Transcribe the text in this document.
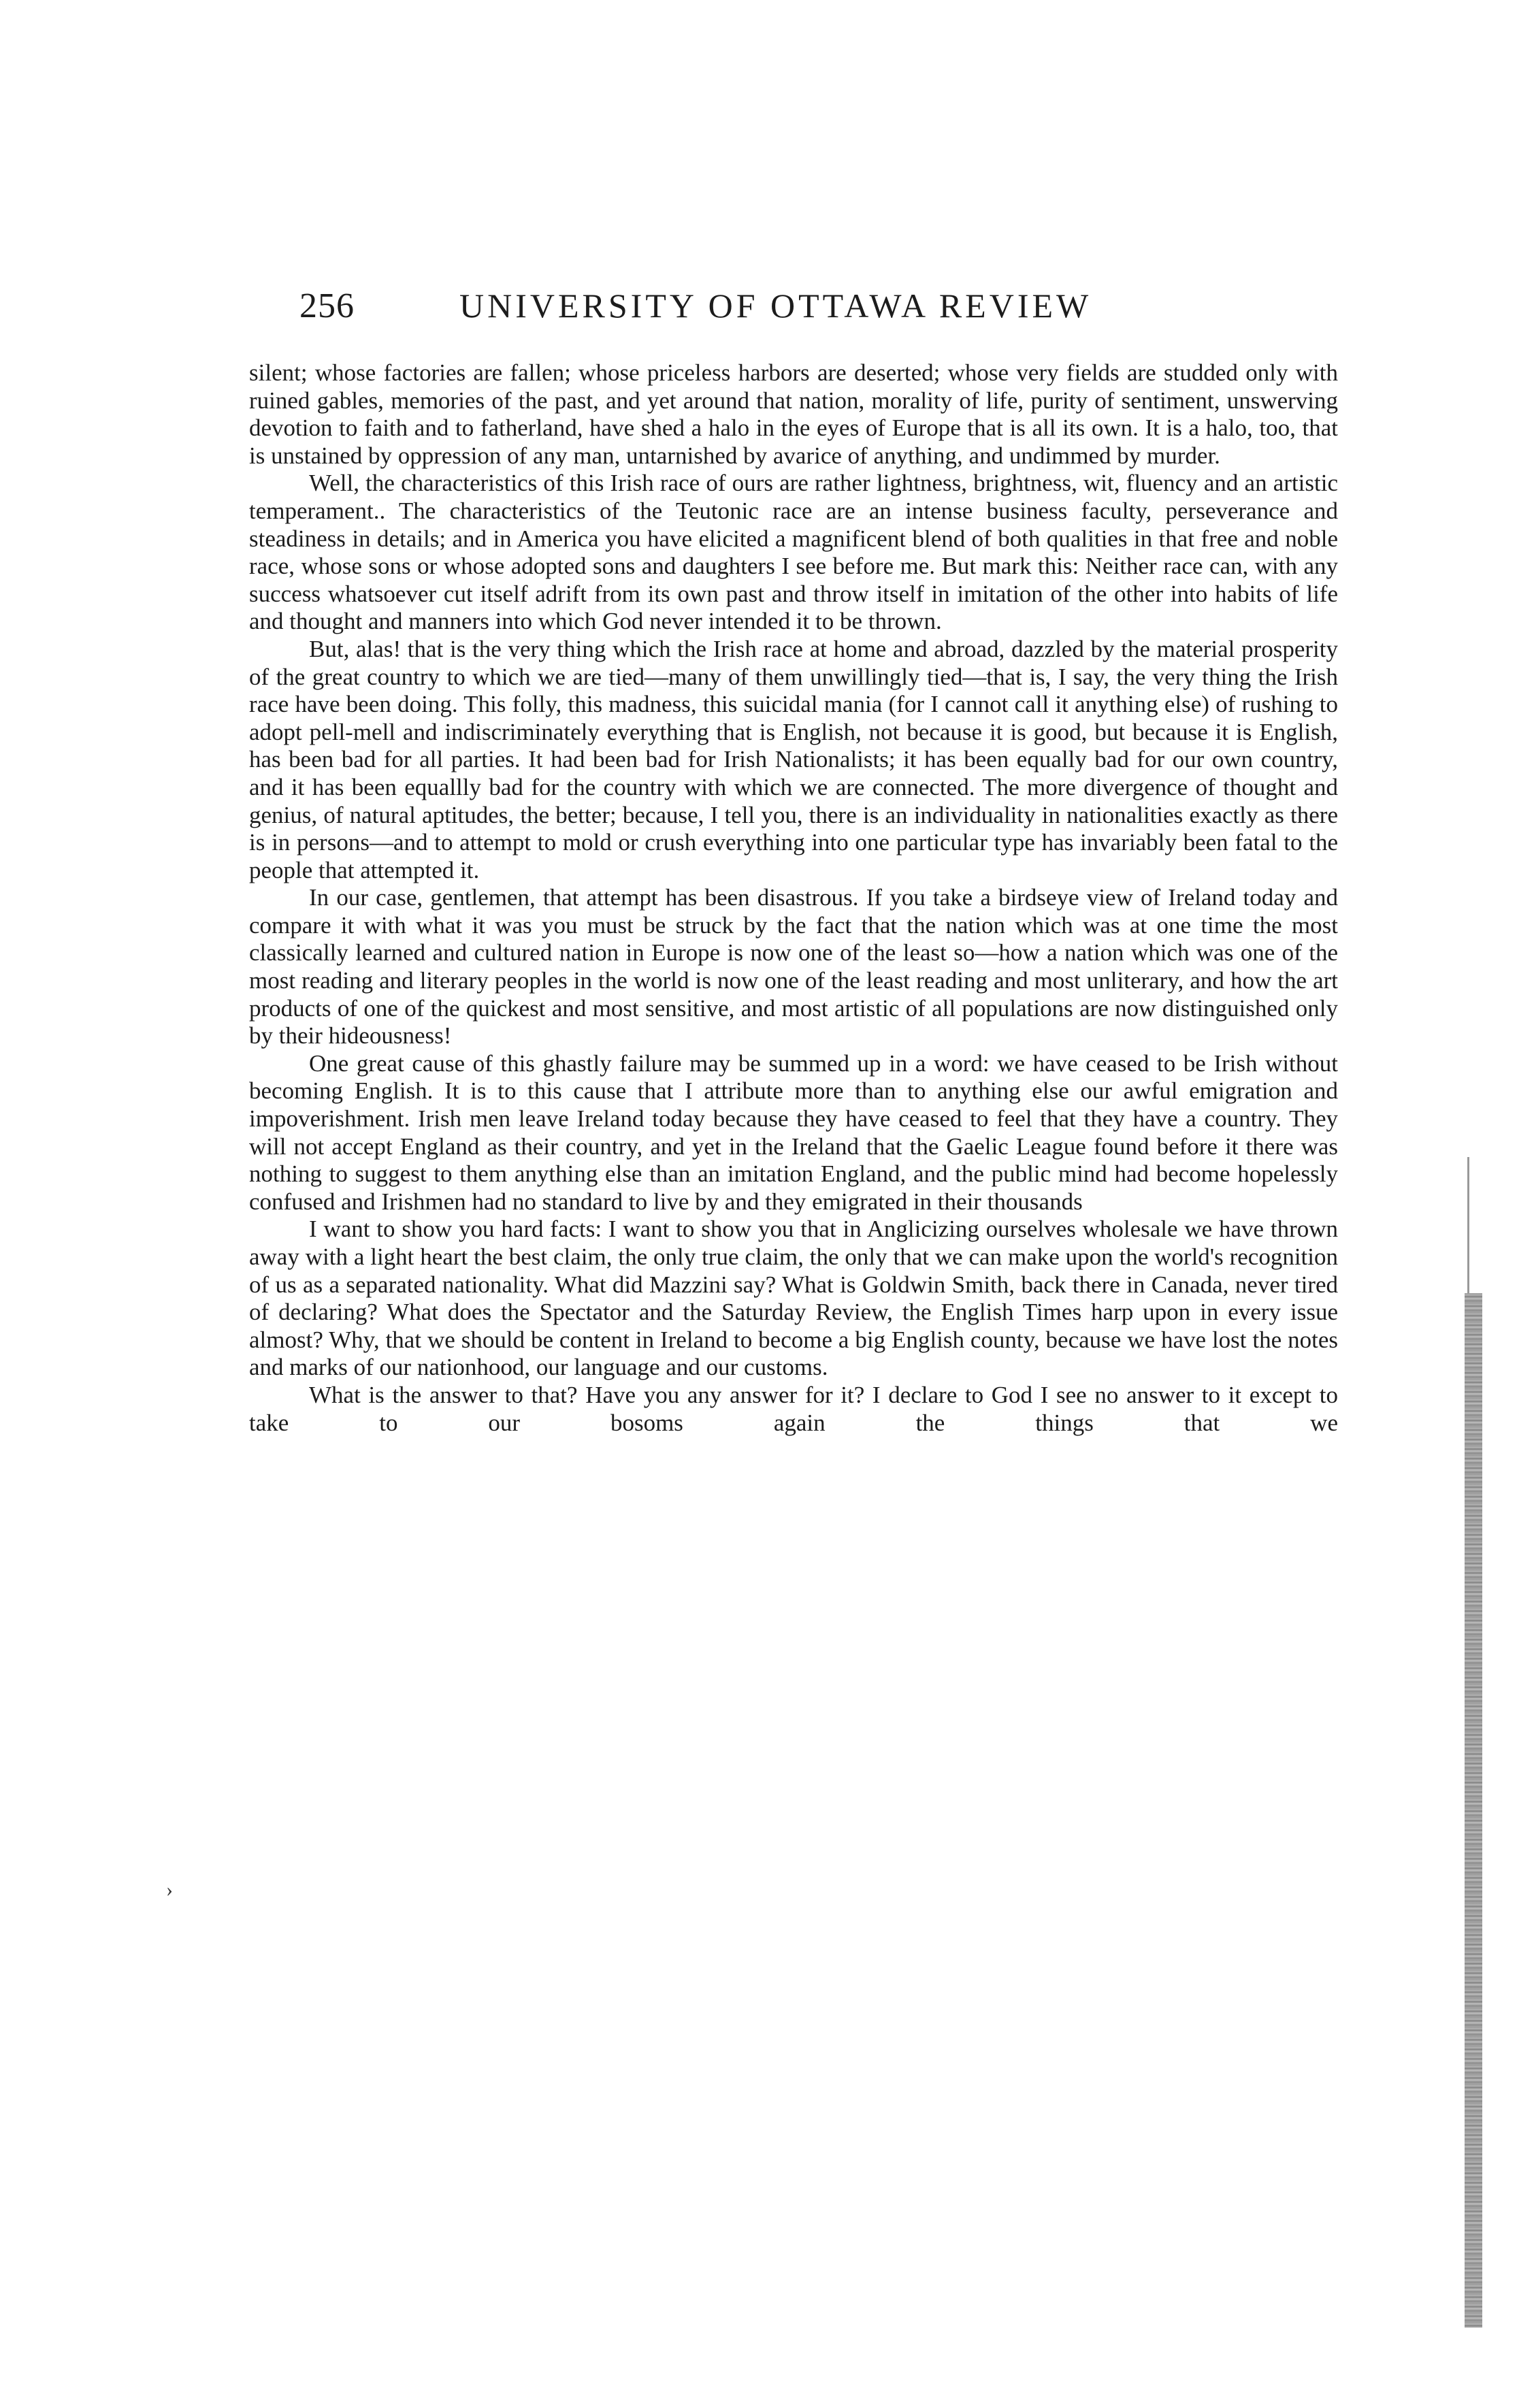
256	UNIVERSITY OF OTTAWA REVIEW

silent; whose factories are fallen; whose priceless harbors are deserted; whose very fields are studded only with ruined gables, memories of the past, and yet around that nation, morality of life, purity of sentiment, unswerving devotion to faith and to fatherland, have shed a halo in the eyes of Europe that is all its own. It is a halo, too, that is unstained by oppression of any man, untarnished by avarice of anything, and undimmed by murder.

Well, the characteristics of this Irish race of ours are rather lightness, brightness, wit, fluency and an artistic temperament.. The characteristics of the Teutonic race are an intense business faculty, perseverance and steadiness in details; and in America you have elicited a magnificent blend of both qualities in that free and noble race, whose sons or whose adopted sons and daughters I see before me. But mark this: Neither race can, with any success whatsoever cut itself adrift from its own past and throw itself in imitation of the other into habits of life and thought and manners into which God never intended it to be thrown.

But, alas! that is the very thing which the Irish race at home and abroad, dazzled by the material prosperity of the great country to which we are tied—many of them unwillingly tied—that is, I say, the very thing the Irish race have been doing. This folly, this madness, this suicidal mania (for I cannot call it anything else) of rushing to adopt pell-mell and indiscriminately everything that is English, not because it is good, but because it is English, has been bad for all parties. It had been bad for Irish Nationalists; it has been equally bad for our own country, and it has been equallly bad for the country with which we are connected. The more divergence of thought and genius, of natural aptitudes, the better; because, I tell you, there is an individuality in nationalities exactly as there is in persons—and to attempt to mold or crush everything into one particular type has invariably been fatal to the people that attempted it.

In our case, gentlemen, that attempt has been disastrous. If you take a birdseye view of Ireland today and compare it with what it was you must be struck by the fact that the nation which was at one time the most classically learned and cultured nation in Europe is now one of the least so—how a nation which was one of the most reading and literary peoples in the world is now one of the least reading and most unliterary, and how the art products of one of the quickest and most sensitive, and most artistic of all populations are now distinguished only by their hideousness!

One great cause of this ghastly failure may be summed up in a word: we have ceased to be Irish without becoming English. It is to this cause that I attribute more than to anything else our awful emigration and impoverishment. Irish men leave Ireland today because they have ceased to feel that they have a country. They will not accept England as their country, and yet in the Ireland that the Gaelic League found before it there was nothing to suggest to them anything else than an imitation England, and the public mind had become hopelessly confused and Irishmen had no standard to live by and they emigrated in their thousands

I want to show you hard facts: I want to show you that in Anglicizing ourselves wholesale we have thrown away with a light heart the best claim, the only true claim, the only that we can make upon the world's recognition of us as a separated nationality. What did Mazzini say? What is Goldwin Smith, back there in Canada, never tired of declaring? What does the Spectator and the Saturday Review, the English Times harp upon in every issue almost? Why, that we should be content in Ireland to become a big English county, because we have lost the notes and marks of our nationhood, our language and our customs.

What is the answer to that? Have you any answer for it? I declare to God I see no answer to it except to take to our bosoms again the things that we

›
